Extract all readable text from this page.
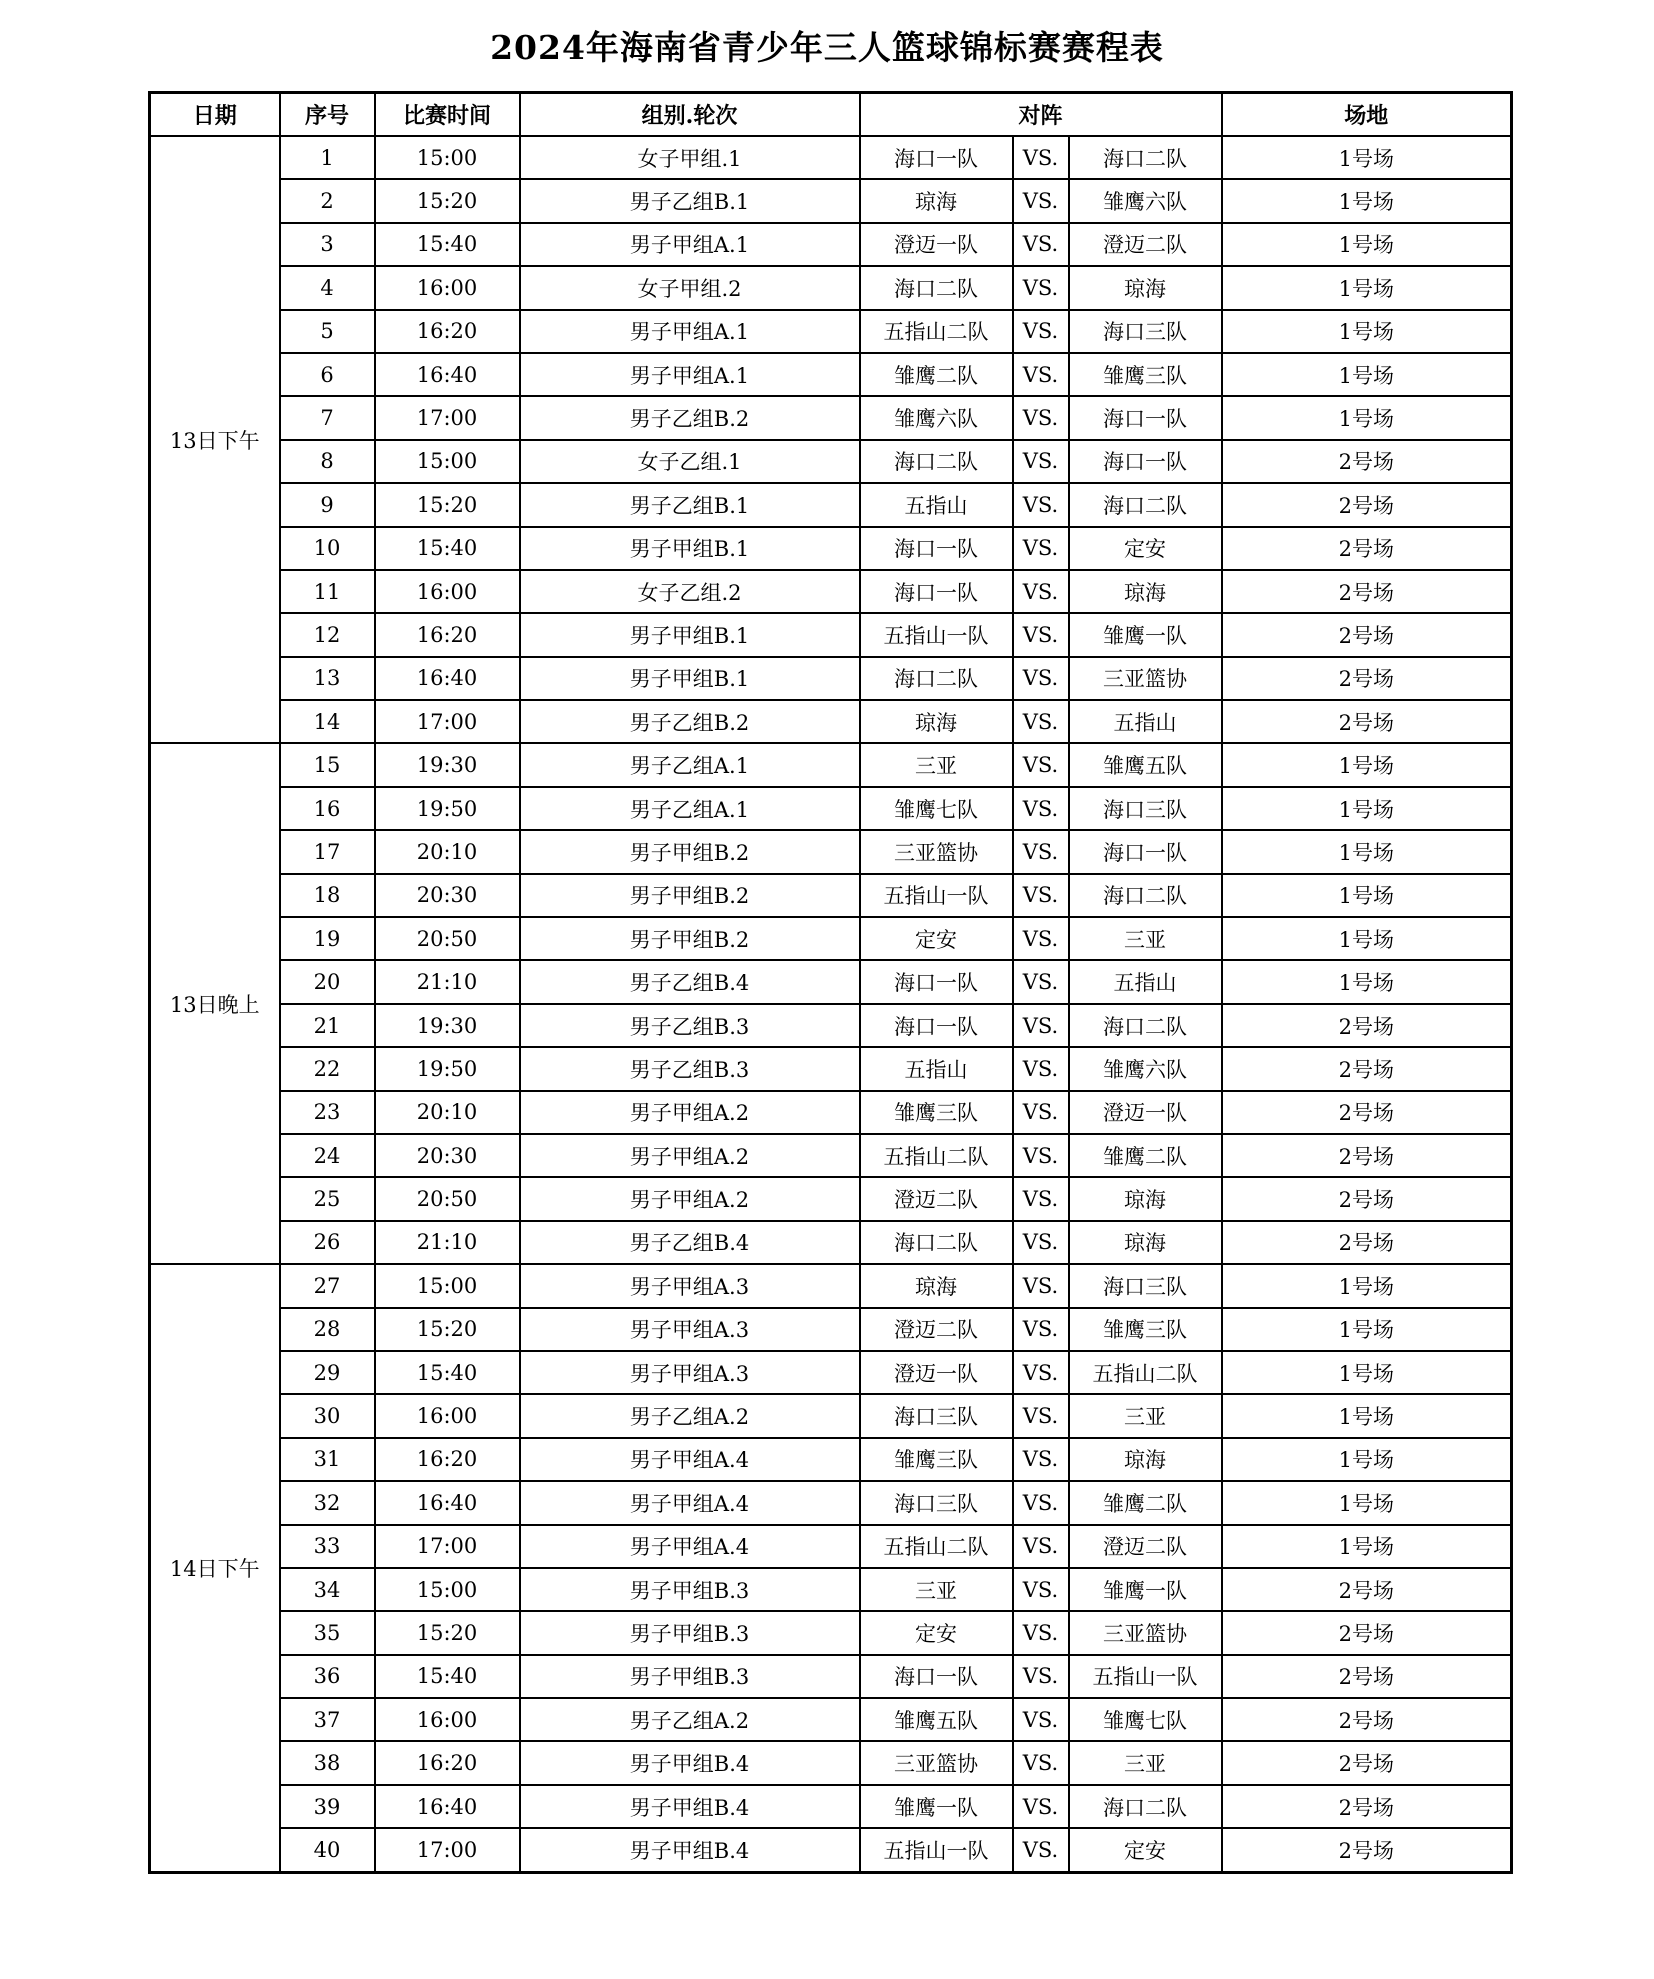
2024年海南省青少年三人篮球锦标赛赛程表
日期	序号	比赛时间	组别.轮次	对阵			场地
13日下午	1	15:00	女子甲组.1	海口一队	VS.	海口二队	1号场
	2	15:20	男子乙组B.1	琼海	VS.	雏鹰六队	1号场
	3	15:40	男子甲组A.1	澄迈一队	VS.	澄迈二队	1号场
	4	16:00	女子甲组.2	海口二队	VS.	琼海	1号场
	5	16:20	男子甲组A.1	五指山二队	VS.	海口三队	1号场
	6	16:40	男子甲组A.1	雏鹰二队	VS.	雏鹰三队	1号场
	7	17:00	男子乙组B.2	雏鹰六队	VS.	海口一队	1号场
	8	15:00	女子乙组.1	海口二队	VS.	海口一队	2号场
	9	15:20	男子乙组B.1	五指山	VS.	海口二队	2号场
	10	15:40	男子甲组B.1	海口一队	VS.	定安	2号场
	11	16:00	女子乙组.2	海口一队	VS.	琼海	2号场
	12	16:20	男子甲组B.1	五指山一队	VS.	雏鹰一队	2号场
	13	16:40	男子甲组B.1	海口二队	VS.	三亚篮协	2号场
	14	17:00	男子乙组B.2	琼海	VS.	五指山	2号场
13日晚上	15	19:30	男子乙组A.1	三亚	VS.	雏鹰五队	1号场
	16	19:50	男子乙组A.1	雏鹰七队	VS.	海口三队	1号场
	17	20:10	男子甲组B.2	三亚篮协	VS.	海口一队	1号场
	18	20:30	男子甲组B.2	五指山一队	VS.	海口二队	1号场
	19	20:50	男子甲组B.2	定安	VS.	三亚	1号场
	20	21:10	男子乙组B.4	海口一队	VS.	五指山	1号场
	21	19:30	男子乙组B.3	海口一队	VS.	海口二队	2号场
	22	19:50	男子乙组B.3	五指山	VS.	雏鹰六队	2号场
	23	20:10	男子甲组A.2	雏鹰三队	VS.	澄迈一队	2号场
	24	20:30	男子甲组A.2	五指山二队	VS.	雏鹰二队	2号场
	25	20:50	男子甲组A.2	澄迈二队	VS.	琼海	2号场
	26	21:10	男子乙组B.4	海口二队	VS.	琼海	2号场
14日下午	27	15:00	男子甲组A.3	琼海	VS.	海口三队	1号场
	28	15:20	男子甲组A.3	澄迈二队	VS.	雏鹰三队	1号场
	29	15:40	男子甲组A.3	澄迈一队	VS.	五指山二队	1号场
	30	16:00	男子乙组A.2	海口三队	VS.	三亚	1号场
	31	16:20	男子甲组A.4	雏鹰三队	VS.	琼海	1号场
	32	16:40	男子甲组A.4	海口三队	VS.	雏鹰二队	1号场
	33	17:00	男子甲组A.4	五指山二队	VS.	澄迈二队	1号场
	34	15:00	男子甲组B.3	三亚	VS.	雏鹰一队	2号场
	35	15:20	男子甲组B.3	定安	VS.	三亚篮协	2号场
	36	15:40	男子甲组B.3	海口一队	VS.	五指山一队	2号场
	37	16:00	男子乙组A.2	雏鹰五队	VS.	雏鹰七队	2号场
	38	16:20	男子甲组B.4	三亚篮协	VS.	三亚	2号场
	39	16:40	男子甲组B.4	雏鹰一队	VS.	海口二队	2号场
	40	17:00	男子甲组B.4	五指山一队	VS.	定安	2号场
